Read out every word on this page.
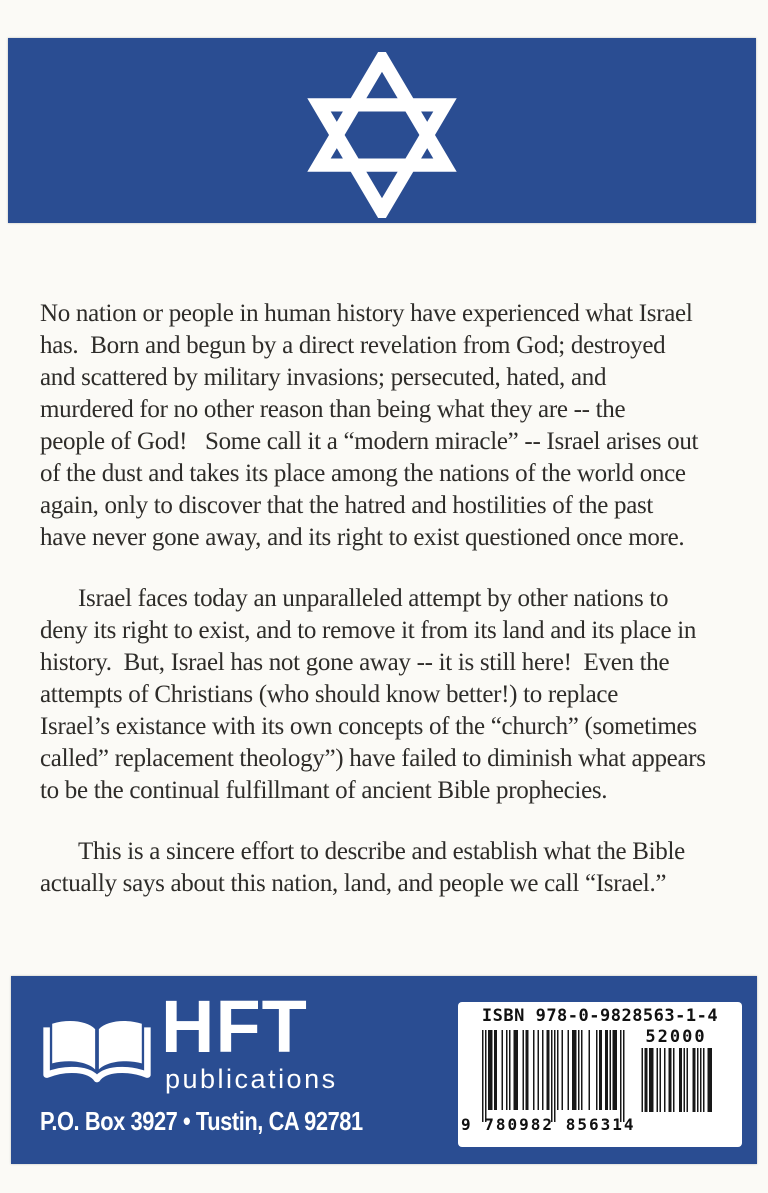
No nation or people in human history have experienced what Israel
has.  Born and begun by a direct revelation from God; destroyed
and scattered by military invasions; persecuted, hated, and
murdered for no other reason than being what they are -- the
people of God!   Some call it a “modern miracle” -- Israel arises out
of the dust and takes its place among the nations of the world once
again, only to discover that the hatred and hostilities of the past
have never gone away, and its right to exist questioned once more.
Israel faces today an unparalleled attempt by other nations to
deny its right to exist, and to remove it from its land and its place in
history.  But, Israel has not gone away -- it is still here!  Even the
attempts of Christians (who should know better!) to replace
Israel’s existance with its own concepts of the “church” (sometimes
called” replacement theology”) have failed to diminish what appears
to be the continual fulfillmant of ancient Bible prophecies.
This is a sincere effort to describe and establish what the Bible
actually says about this nation, land, and people we call “Israel.”
HFT
publications
P.O. Box 3927 • Tustin, CA 92781
ISBN 978-0-9828563-1-4
9 780982 856314
52000
